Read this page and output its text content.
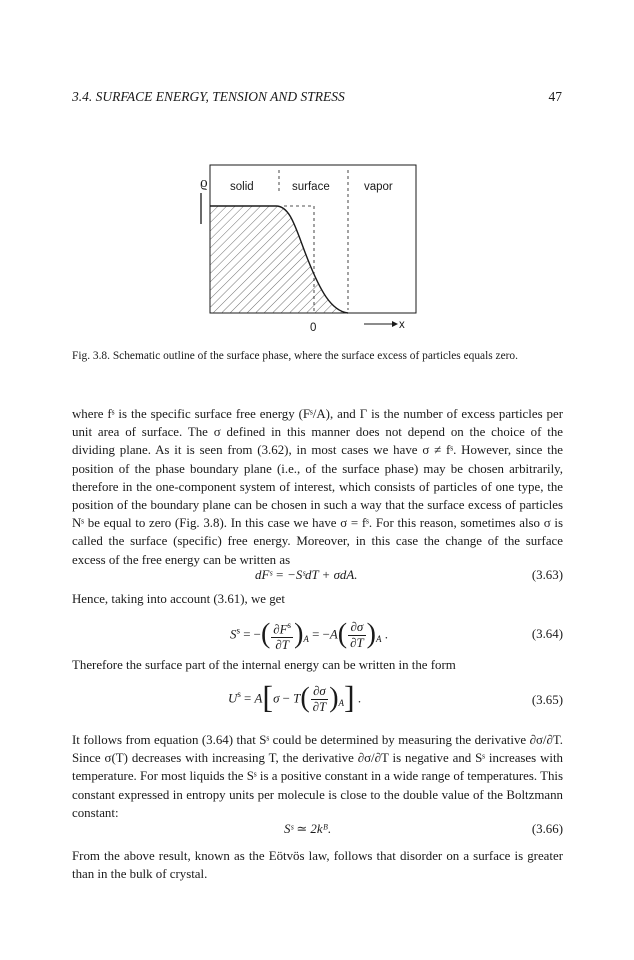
3.4. SURFACE ENERGY, TENSION AND STRESS	47
ϱ solid	surface	vapor
0	x
Fig. 3.8. Schematic outline of the surface phase, where the surface excess of particles equals zero.

where fˢ is the specific surface free energy (Fˢ/A), and Γ is the number of excess particles per unit area of surface. The σ defined in this manner does not depend on the choice of the dividing plane. As it is seen from (3.62), in most cases we have σ ≠ fˢ. However, since the position of the phase boundary plane (i.e., of the surface phase) may be chosen arbitrarily, therefore in the one-component system of interest, which consists of particles of one type, the position of the boundary plane can be chosen in such a way that the surface excess of particles Nˢ be equal to zero (Fig. 3.8). In this case we have σ = fˢ. For this reason, sometimes also σ is called the surface (specific) free energy. Moreover, in this case the change of the surface excess of the free energy can be written as

dFˢ = −SˢdT + σdA.	(3.63)

Hence, taking into account (3.61), we get

$S^s$ = −( $\frac{\partial F^s}{\partial T} )_A = -A( \frac{\partial\sigma}{\partial T} )_A$ .	(3.64)

Therefore the surface part of the internal energy can be written in the form

$U^s = A[\sigma - T( \frac{\partial\sigma}{\partial T} )_A]$ .	(3.65)

It follows from equation (3.64) that Sˢ could be determined by measuring the derivative ∂σ/∂T. Since σ(T) decreases with increasing T, the derivative ∂σ/∂T is negative and Sˢ increases with temperature. For most liquids the Sˢ is a positive constant in a wide range of temperatures. This constant expressed in entropy units per molecule is close to the double value of the Boltzmann constant:

Sˢ ≃ 2kᴮ.	(3.66)

From the above result, known as the Eötvös law, follows that disorder on a surface is greater than in the bulk of crystal.
